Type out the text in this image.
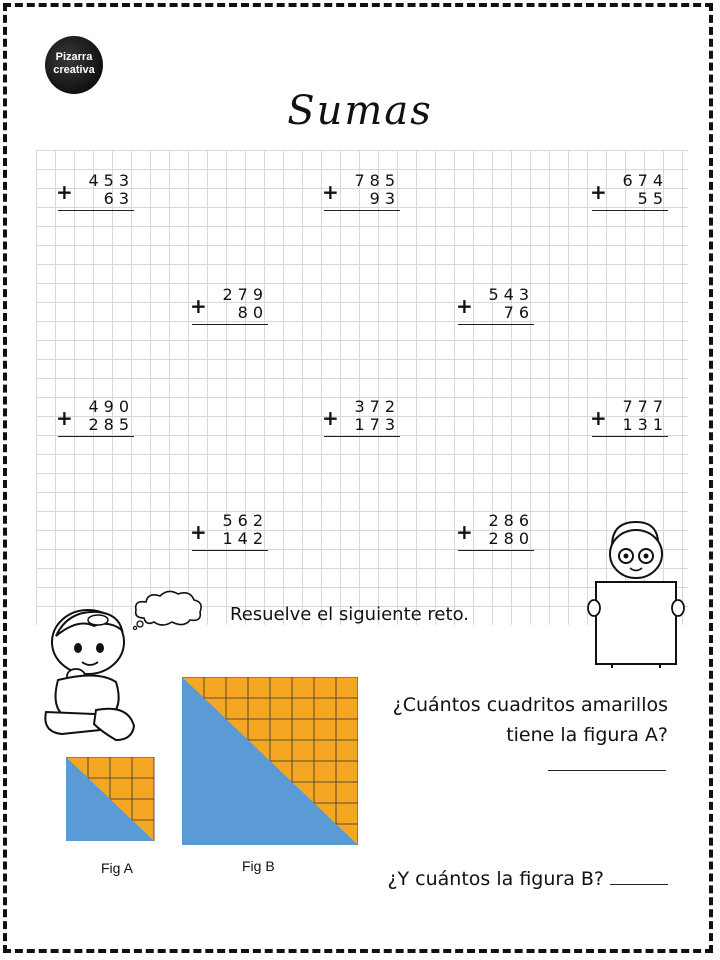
Pizarra
creativa
Sumas
+ 453
63	+ 785
93	+ 674
55
+ 279
80	+ 543
76
+ 490
285	+ 372
173	+ 777
131
+ 562
142	+ 286
280
Resuelve el siguiente reto.
Fig A	Fig B
¿Cuántos cuadritos amarillos
tiene la figura A?
¿Y cuántos la figura B?
